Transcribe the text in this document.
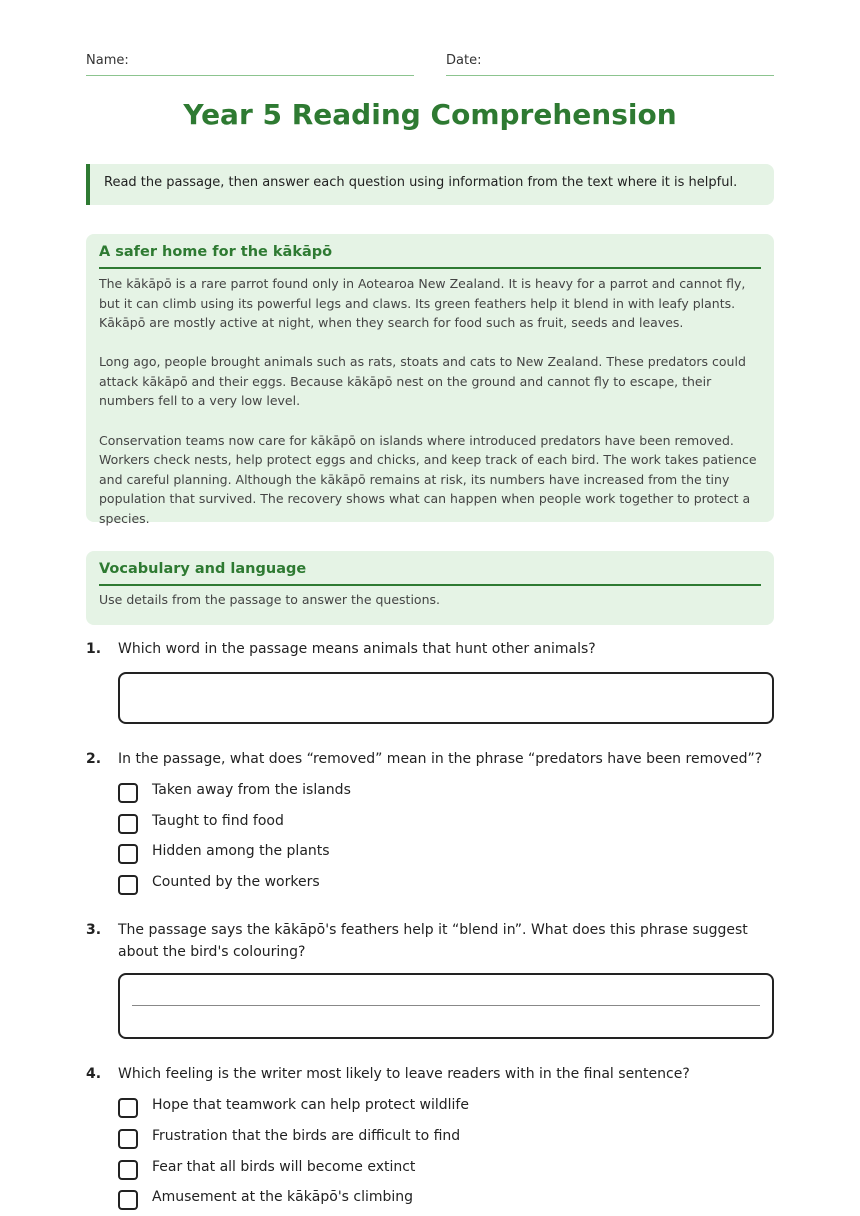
Name:	Date:
Year 5 Reading Comprehension
Read the passage, then answer each question using information from the text where it is helpful.
A safer home for the kākāpō

The kākāpō is a rare parrot found only in Aotearoa New Zealand. It is heavy for a parrot and cannot fly, but it can climb using its powerful legs and claws. Its green feathers help it blend in with leafy plants. Kākāpō are mostly active at night, when they search for food such as fruit, seeds and leaves.

Long ago, people brought animals such as rats, stoats and cats to New Zealand. These predators could attack kākāpō and their eggs. Because kākāpō nest on the ground and cannot fly to escape, their numbers fell to a very low level.

Conservation teams now care for kākāpō on islands where introduced predators have been removed. Workers check nests, help protect eggs and chicks, and keep track of each bird. The work takes patience and careful planning. Although the kākāpō remains at risk, its numbers have increased from the tiny population that survived. The recovery shows what can happen when people work together to protect a species.

Vocabulary and language
Use details from the passage to answer the questions.
1.	Which word in the passage means animals that hunt other animals?
2.	In the passage, what does “removed” mean in the phrase “predators have been removed”?
Taken away from the islands
Taught to find food
Hidden among the plants
Counted by the workers
3.	The passage says the kākāpō's feathers help it “blend in”. What does this phrase suggest about the bird's colouring?
4.	Which feeling is the writer most likely to leave readers with in the final sentence?
Hope that teamwork can help protect wildlife
Frustration that the birds are difficult to find
Fear that all birds will become extinct
Amusement at the kākāpō's climbing
